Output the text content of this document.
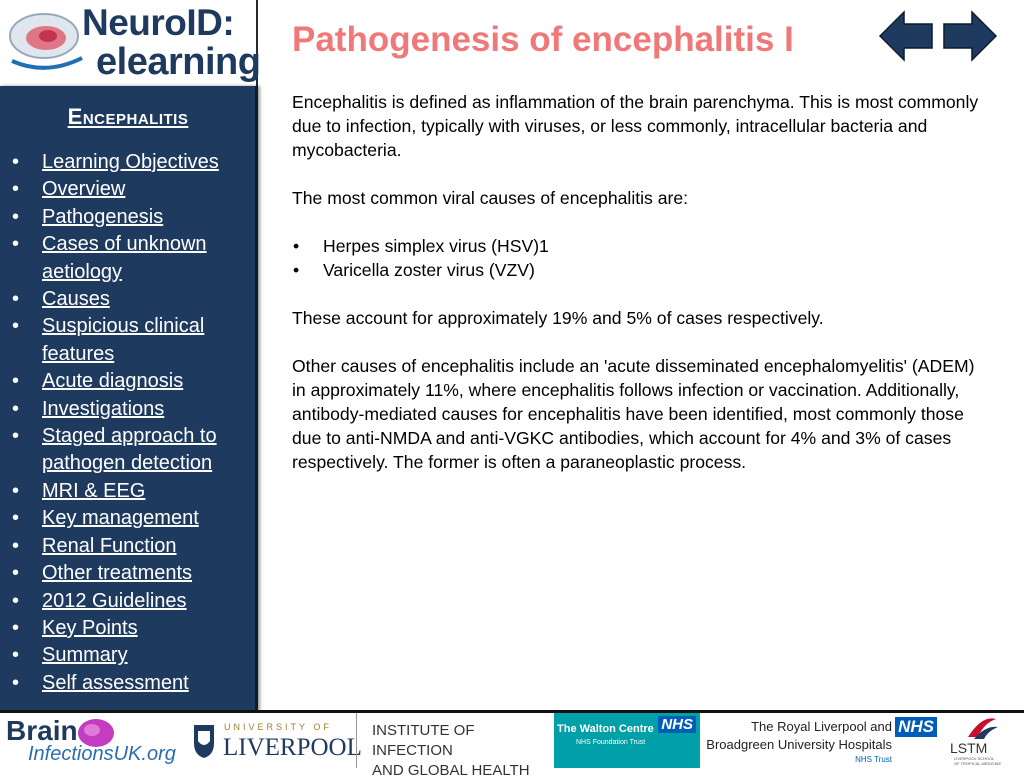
NeuroID:
elearning
Encephalitis
• Learning Objectives
• Overview
• Pathogenesis
• Cases of unknown aetiology
• Causes
• Suspicious clinical features
• Acute diagnosis
• Investigations
• Staged approach to pathogen detection
• MRI & EEG
• Key management
• Renal Function
• Other treatments
• 2012 Guidelines
• Key Points
• Summary
• Self assessment
Pathogenesis of encephalitis I

Encephalitis is defined as inflammation of the brain parenchyma. This is most commonly due to infection, typically with viruses, or less commonly, intracellular bacteria and mycobacteria.

The most common viral causes of encephalitis are:

• Herpes simplex virus (HSV)1
• Varicella zoster virus (VZV)

These account for approximately 19% and 5% of cases respectively.

Other causes of encephalitis include an 'acute disseminated encephalomyelitis' (ADEM) in approximately 11%, where encephalitis follows infection or vaccination. Additionally, antibody-mediated causes for encephalitis have been identified, most commonly those due to anti-NMDA and anti-VGKC antibodies, which account for 4% and 3% of cases respectively. The former is often a paraneoplastic process.

Brain
InfectionsUK.org
UNIVERSITY OF
LIVERPOOL
INSTITUTE OF INFECTION
AND GLOBAL HEALTH
NHS
The Walton Centre
NHS Foundation Trust
NHS
The Royal Liverpool and
Broadgreen University Hospitals
NHS Trust
LSTM
LIVERPOOL SCHOOL
OF TROPICAL MEDICINE
